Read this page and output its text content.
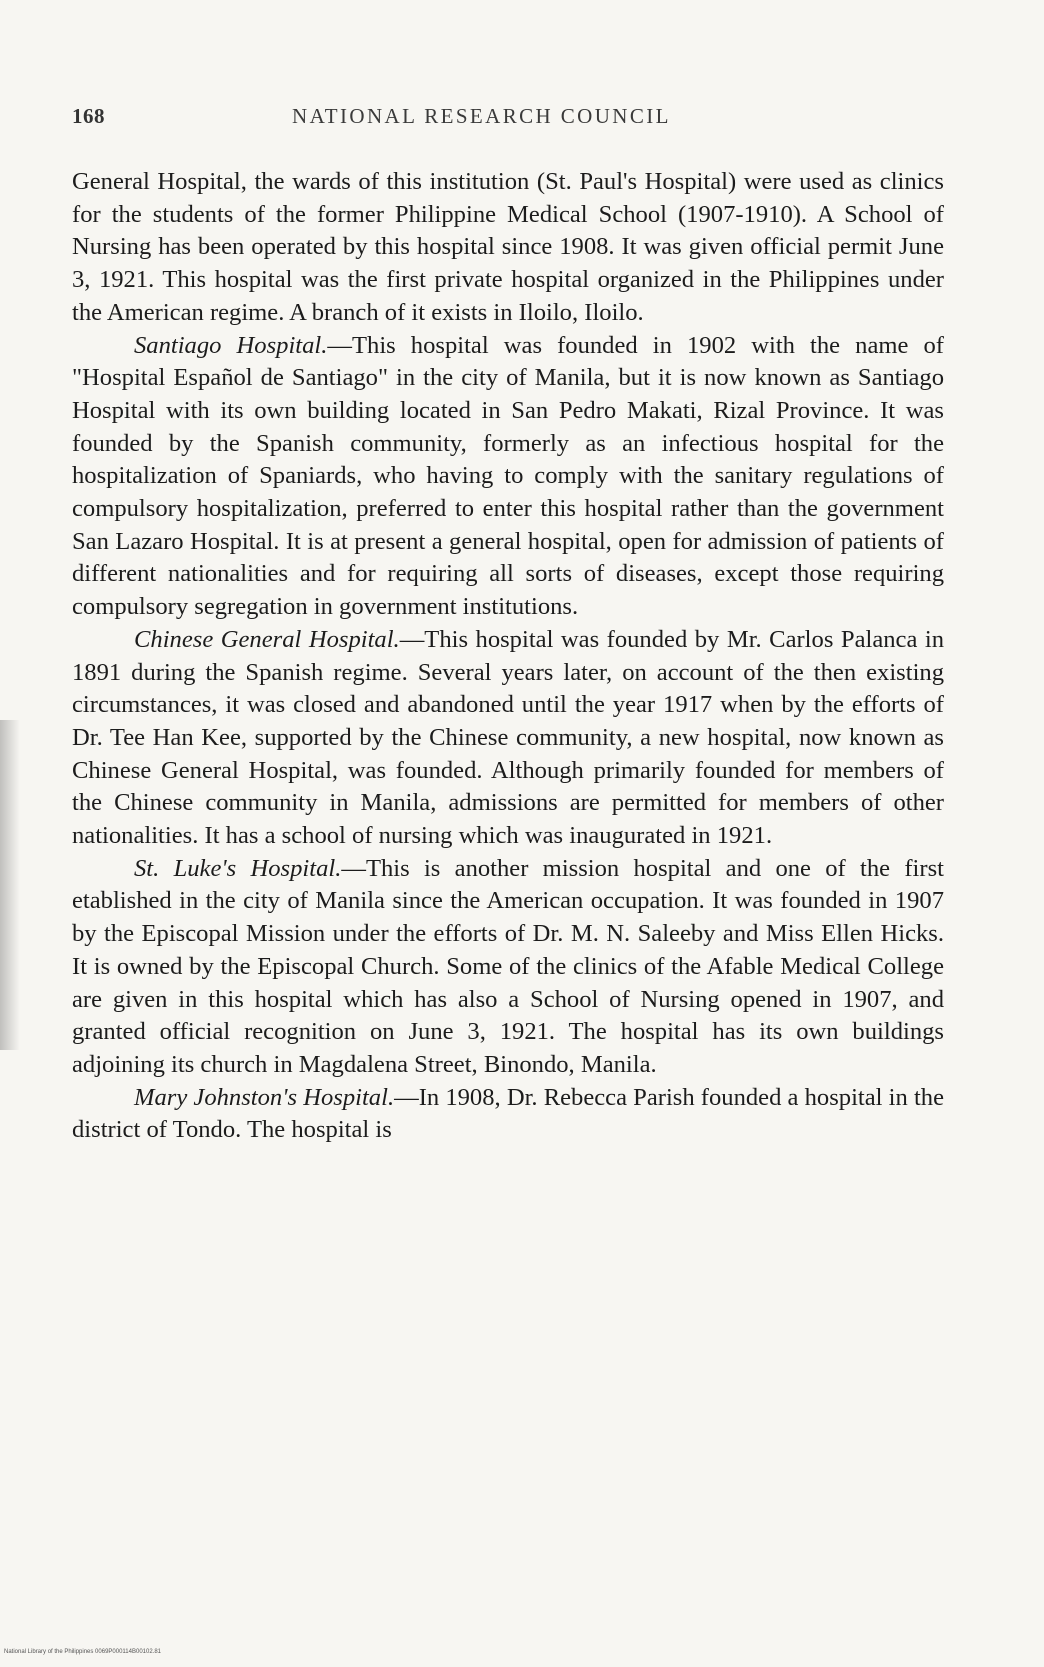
168	NATIONAL RESEARCH COUNCIL

General Hospital, the wards of this institution (St. Paul's Hospital) were used as clinics for the students of the former Philippine Medical School (1907-1910). A School of Nursing has been operated by this hospital since 1908. It was given official permit June 3, 1921. This hospital was the first private hospital organized in the Philippines under the American regime. A branch of it exists in Iloilo, Iloilo.

Santiago Hospital.—This hospital was founded in 1902 with the name of "Hospital Español de Santiago" in the city of Manila, but it is now known as Santiago Hospital with its own building located in San Pedro Makati, Rizal Province. It was founded by the Spanish community, formerly as an infectious hospital for the hospitalization of Spaniards, who having to comply with the sanitary regulations of compulsory hospitalization, preferred to enter this hospital rather than the government San Lazaro Hospital. It is at present a general hospital, open for admission of patients of different nationalities and for requiring all sorts of diseases, except those requiring compulsory segregation in government institutions.

Chinese General Hospital.—This hospital was founded by Mr. Carlos Palanca in 1891 during the Spanish regime. Several years later, on account of the then existing circumstances, it was closed and abandoned until the year 1917 when by the efforts of Dr. Tee Han Kee, supported by the Chinese community, a new hospital, now known as Chinese General Hospital, was founded. Although primarily founded for members of the Chinese community in Manila, admissions are permitted for members of other nationalities. It has a school of nursing which was inaugurated in 1921.

St. Luke's Hospital.—This is another mission hospital and one of the first etablished in the city of Manila since the American occupation. It was founded in 1907 by the Episcopal Mission under the efforts of Dr. M. N. Saleeby and Miss Ellen Hicks. It is owned by the Episcopal Church. Some of the clinics of the Afable Medical College are given in this hospital which has also a School of Nursing opened in 1907, and granted official recognition on June 3, 1921. The hospital has its own buildings adjoining its church in Magdalena Street, Binondo, Manila.

Mary Johnston's Hospital.—In 1908, Dr. Rebecca Parish founded a hospital in the district of Tondo. The hospital is

National Library of the Philippines 0069P000114B00102.81
